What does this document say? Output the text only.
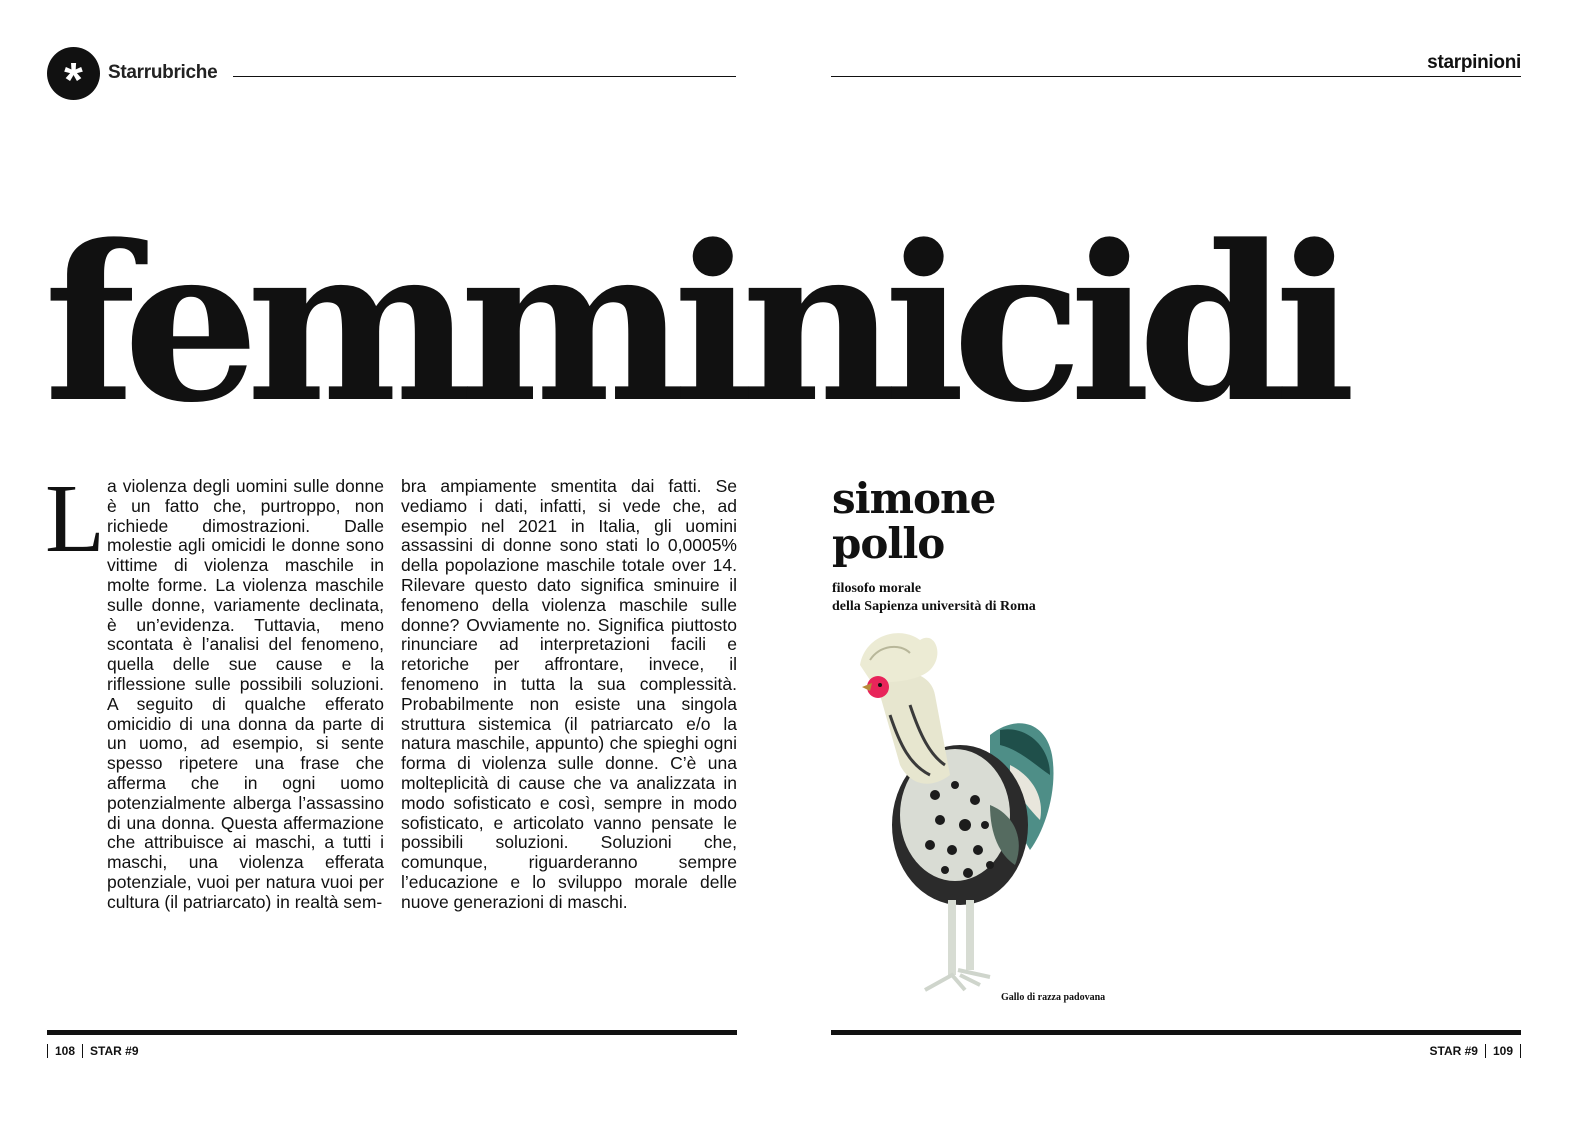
* Starrubriche	starpinioni
femminicidi
L a violenza degli uomini sulle donne è un fatto che, purtroppo, non richiede dimostrazioni. Dalle molestie agli omicidi le donne sono vittime di violenza maschile in molte forme. La violenza maschile sulle donne, variamente declinata, è un’evidenza. Tuttavia, meno scontata è l’analisi del fenomeno, quella delle sue cause e la riflessione sulle possibili soluzioni. A seguito di qualche efferato omicidio di una donna da parte di un uomo, ad esempio, si sente spesso ripetere una frase che afferma che in ogni uomo potenzialmente alberga l’assassino di una donna. Questa affermazione che attribuisce ai maschi, a tutti i maschi, una violenza efferata potenziale, vuoi per natura vuoi per cultura (il patriarcato) in realtà sem-
bra ampiamente smentita dai fatti. Se vediamo i dati, infatti, si vede che, ad esempio nel 2021 in Italia, gli uomini assassini di donne sono stati lo 0,0005% della popolazione maschile totale over 14. Rilevare questo dato significa sminuire il fenomeno della violenza maschile sulle donne? Ovviamente no. Significa piuttosto rinunciare ad interpretazioni facili e retoriche per affrontare, invece, il fenomeno in tutta la sua complessità. Probabilmente non esiste una singola struttura sistemica (il patriarcato e/o la natura maschile, appunto) che spieghi ogni forma di violenza sulle donne. C’è una molteplicità di cause che va analizzata in modo sofisticato e così, sempre in modo sofisticato, e articolato vanno pensate le possibili soluzioni. Soluzioni che, comunque, riguarderanno sempre l’educazione e lo sviluppo morale delle nuove generazioni di maschi.
simone
pollo
filosofo morale
della Sapienza università di Roma
Gallo di razza padovana
108 STAR #9	STAR #9 109
